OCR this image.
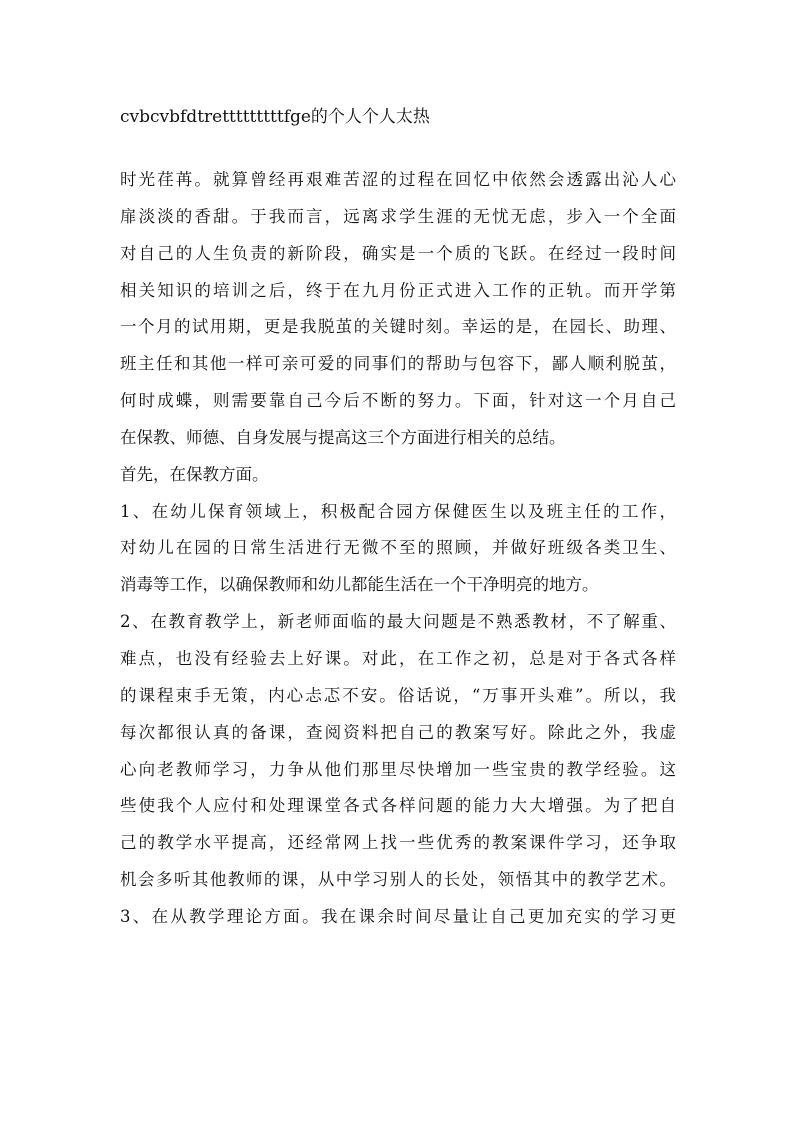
cvbcvbfdtretttttttttfge的个人个人太热
时光荏苒。就算曾经再艰难苦涩的过程在回忆中依然会透露出沁人心
扉淡淡的香甜。于我而言，远离求学生涯的无忧无虑，步入一个全面
对自己的人生负责的新阶段，确实是一个质的飞跃。在经过一段时间
相关知识的培训之后，终于在九月份正式进入工作的正轨。而开学第
一个月的试用期，更是我脱茧的关键时刻。幸运的是，在园长、助理、
班主任和其他一样可亲可爱的同事们的帮助与包容下，鄙人顺利脱茧，
何时成蝶，则需要靠自己今后不断的努力。下面，针对这一个月自己
在保教、师德、自身发展与提高这三个方面进行相关的总结。
首先，在保教方面。
1、在幼儿保育领域上，积极配合园方保健医生以及班主任的工作，
对幼儿在园的日常生活进行无微不至的照顾，并做好班级各类卫生、
消毒等工作，以确保教师和幼儿都能生活在一个干净明亮的地方。
2、在教育教学上，新老师面临的最大问题是不熟悉教材，不了解重、
难点，也没有经验去上好课。对此，在工作之初，总是对于各式各样
的课程束手无策，内心忐忑不安。俗话说，“万事开头难”。所以，我
每次都很认真的备课，查阅资料把自己的教案写好。除此之外，我虚
心向老教师学习，力争从他们那里尽快增加一些宝贵的教学经验。这
些使我个人应付和处理课堂各式各样问题的能力大大增强。为了把自
己的教学水平提高，还经常网上找一些优秀的教案课件学习，还争取
机会多听其他教师的课，从中学习别人的长处，领悟其中的教学艺术。
3、在从教学理论方面。我在课余时间尽量让自己更加充实的学习更
